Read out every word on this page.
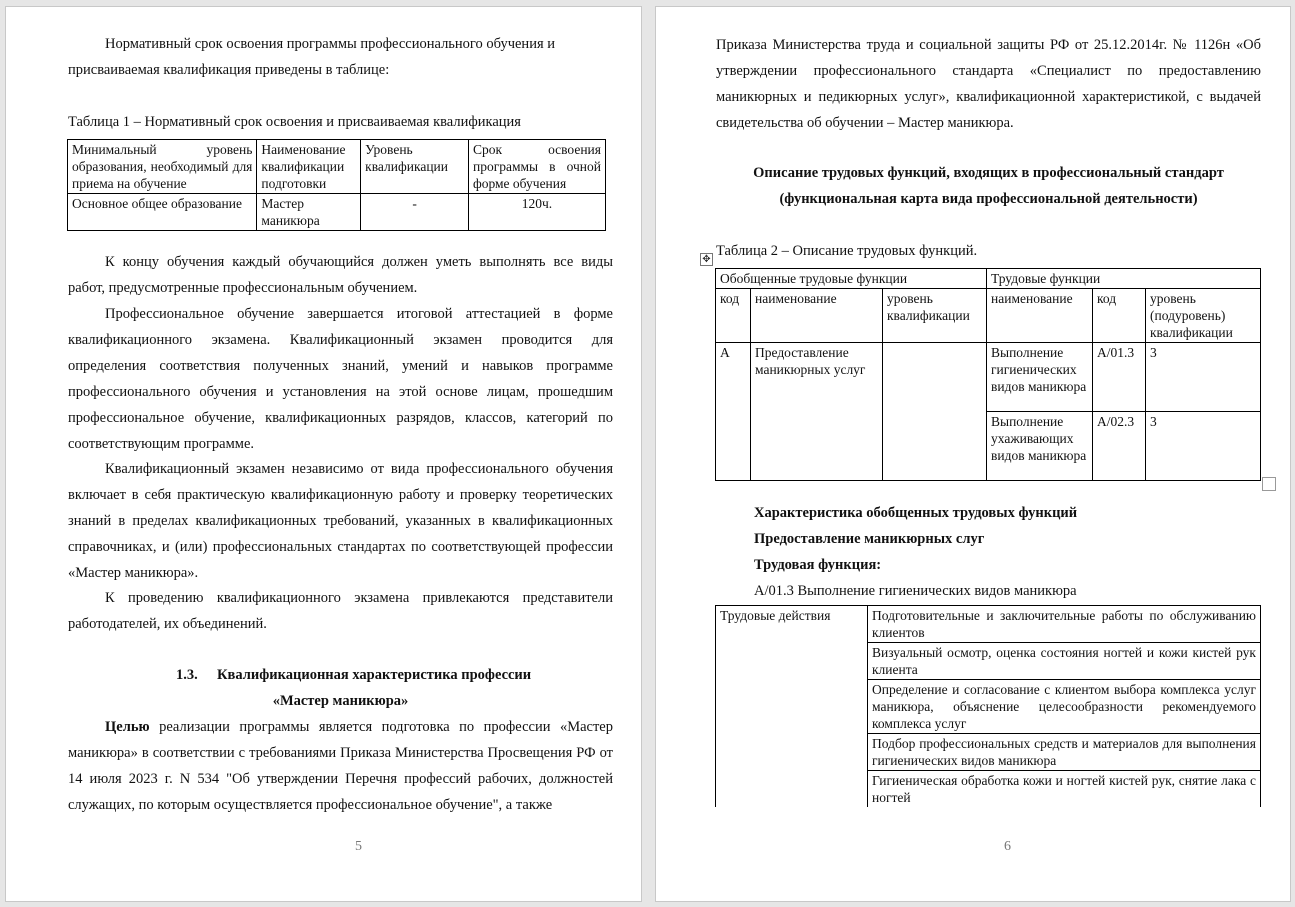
Нормативный срок освоения программы профессионального обучения и присваиваемая квалификация приведены в таблице:

Таблица 1 – Нормативный срок освоения и присваиваемая квалификация

Минимальный уровень образования, необходимый для приема на обучение	Наименование квалификации подготовки	Уровень квалификации	Срок освоения программы в очной форме обучения
Основное общее образование	Мастер маникюра	-	120ч.

К концу обучения каждый обучающийся должен уметь выполнять все виды работ, предусмотренные профессиональным обучением.

Профессиональное обучение завершается итоговой аттестацией в форме квалификационного экзамена. Квалификационный экзамен проводится для определения соответствия полученных знаний, умений и навыков программе профессионального обучения и установления на этой основе лицам, прошедшим профессиональное обучение, квалификационных разрядов, классов, категорий по соответствующим программе.

Квалификационный экзамен независимо от вида профессионального обучения включает в себя практическую квалификационную работу и проверку теоретических знаний в пределах квалификационных требований, указанных в квалификационных справочниках, и (или) профессиональных стандартах по соответствующей профессии «Мастер маникюра».

К проведению квалификационного экзамена привлекаются представители работодателей, их объединений.

1.3. Квалификационная характеристика профессии

«Мастер маникюра»

Целью реализации программы является подготовка по профессии «Мастер маникюра» в соответствии с требованиями Приказа Министерства Просвещения РФ от 14 июля 2023 г. N 534 "Об утверждении Перечня профессий рабочих, должностей служащих, по которым осуществляется профессиональное обучение", а также

5

Приказа Министерства труда и социальной защиты РФ от 25.12.2014г. № 1126н «Об утверждении профессионального стандарта «Специалист по предоставлению маникюрных и педикюрных услуг», квалификационной характеристикой, с выдачей свидетельства об обучении – Мастер маникюра.

Описание трудовых функций, входящих в профессиональный стандарт

(функциональная карта вида профессиональной деятельности)

Таблица 2 – Описание трудовых функций.

✥
Обобщенные трудовые функции			Трудовые функции		
код	наименование	уровень квалификации	наименование	код	уровень (подуровень) квалификации
А	Предоставление маникюрных услуг		Выполнение гигиенических видов маникюра	A/01.3	3
			Выполнение ухаживающих видов маникюра	A/02.3	3

Характеристика обобщенных трудовых функций

Предоставление маникюрных слуг

Трудовая функция:

А/01.3 Выполнение гигиенических видов маникюра

Трудовые действия	Подготовительные и заключительные работы по обслуживанию клиентов
Визуальный осмотр, оценка состояния ногтей и кожи кистей рук клиента
Определение и согласование с клиентом выбора комплекса услуг маникюра, объяснение целесообразности рекомендуемого комплекса услуг
Подбор профессиональных средств и материалов для выполнения гигиенических видов маникюра
Гигиеническая обработка кожи и ногтей кистей рук, снятие лака с ногтей
6
